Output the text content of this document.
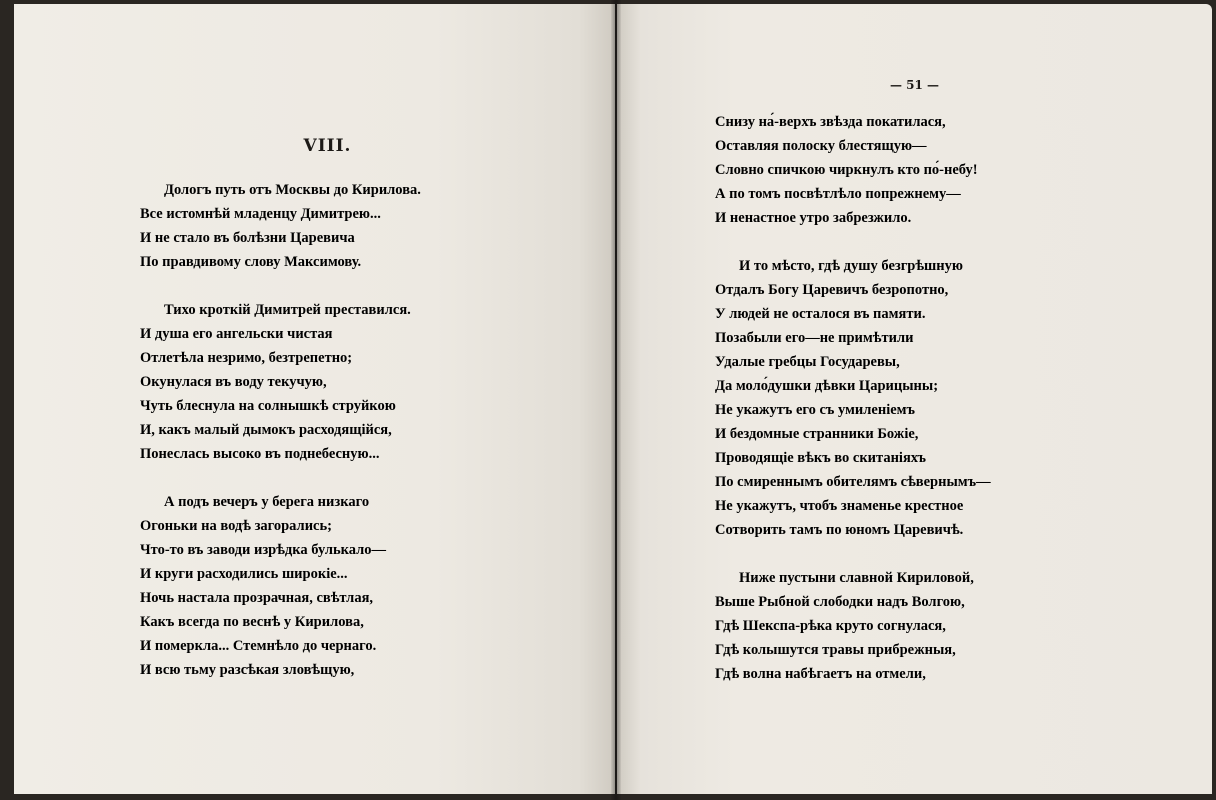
VIII.
Дологъ путь отъ Москвы до Кирилова.
Все истомнѣй младенцу Димитрею...
И не стало въ болѣзни Царевича
По правдивому слову Максимову.
Тихо кроткій Димитрей преставился.
И душа его ангельски чистая
Отлетѣла незримо, безтрепетно;
Окунулася въ воду текучую,
Чуть блеснула на солнышкѣ струйкою
И, какъ малый дымокъ расходящійся,
Понеслась высоко въ поднебесную...
А подъ вечеръ у берега низкаго
Огоньки на водѣ загорались;
Что-то въ заводи изрѣдка булькало—
И круги расходились широкіе...
Ночь настала прозрачная, свѣтлая,
Какъ всегда по веснѣ у Кирилова,
И померкла... Стемнѣло до чернаго.
И всю тьму разсѣкая зловѣщую,
— 51 —
Снизу на́-верхъ звѣзда покатилася,
Оставляя полоску блестящую—
Словно спичкою чиркнулъ кто по́-небу!
А по томъ посвѣтлѣло попрежнему—
И ненастное утро забрезжило.
И то мѣсто, гдѣ душу безгрѣшную
Отдалъ Богу Царевичъ безропотно,
У людей не осталося въ памяти.
Позабыли его—не примѣтили
Удалые гребцы Государевы,
Да моло́душки дѣвки Царицыны;
Не укажутъ его съ умиленіемъ
И бездомные странники Божіе,
Проводящіе вѣкъ во скитаніяхъ
По смиреннымъ обителямъ сѣвернымъ—
Не укажутъ, чтобъ знаменье крестное
Сотворить тамъ по юномъ Царевичѣ.
Ниже пустыни славной Кириловой,
Выше Рыбной слободки надъ Волгою,
Гдѣ Шекспа-рѣка круто согнулася,
Гдѣ колышутся травы прибрежныя,
Гдѣ волна набѣгаетъ на отмели,
